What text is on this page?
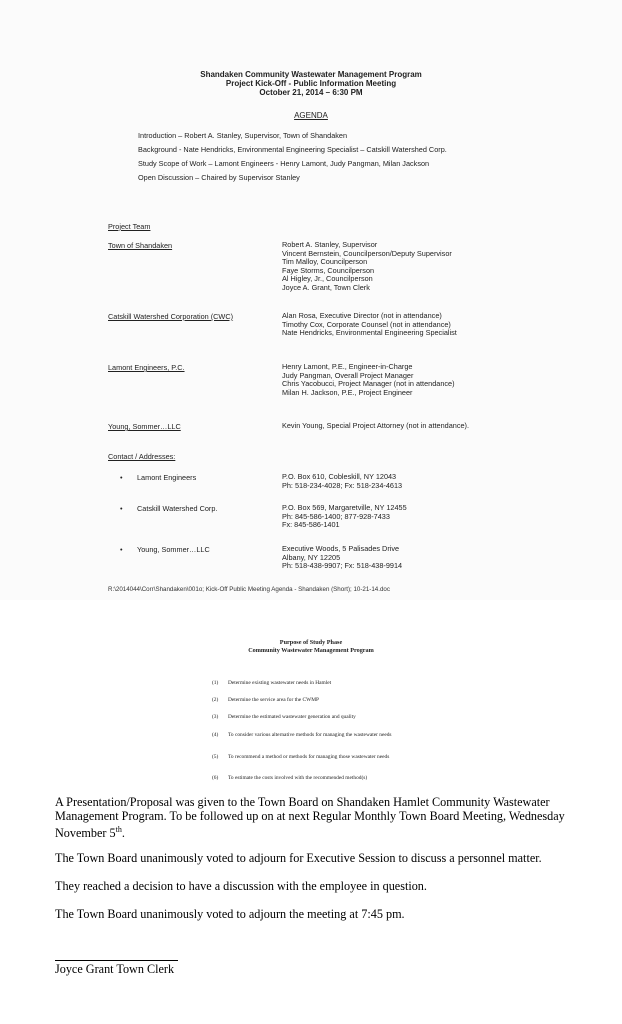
Shandaken Community Wastewater Management Program
Project Kick-Off - Public Information Meeting
October 21, 2014 – 6:30 PM
AGENDA
Introduction – Robert A. Stanley, Supervisor, Town of Shandaken
Background - Nate Hendricks, Environmental Engineering Specialist – Catskill Watershed Corp.
Study Scope of Work – Lamont Engineers - Henry Lamont, Judy Pangman, Milan Jackson
Open Discussion – Chaired by Supervisor Stanley
Project Team
Town of Shandaken	Robert A. Stanley, Supervisor
Vincent Bernstein, Councilperson/Deputy Supervisor
Tim Malloy, Councilperson
Faye Storms, Councilperson
Al Higley, Jr., Councilperson
Joyce A. Grant, Town Clerk
Catskill Watershed Corporation (CWC)	Alan Rosa, Executive Director (not in attendance)
Timothy Cox, Corporate Counsel (not in attendance)
Nate Hendricks, Environmental Engineering Specialist
Lamont Engineers, P.C.	Henry Lamont, P.E., Engineer-in-Charge
Judy Pangman, Overall Project Manager
Chris Yacobucci, Project Manager (not in attendance)
Milan H. Jackson, P.E., Project Engineer
Young, Sommer…LLC	Kevin Young, Special Project Attorney (not in attendance).
Contact / Addresses:
• Lamont Engineers	P.O. Box 610, Cobleskill, NY 12043
Ph: 518-234-4028; Fx: 518-234-4613
• Catskill Watershed Corp.	P.O. Box 569, Margaretville, NY 12455
Ph: 845-586-1400; 877-928-7433
Fx: 845-586-1401
• Young, Sommer…LLC	Executive Woods, 5 Palisades Drive
Albany, NY 12205
Ph: 518-438-9907; Fx: 518-438-9914
R:\2014044\Corr\Shandaken\001o; Kick-Off Public Meeting Agenda - Shandaken (Short); 10-21-14.doc
Purpose of Study Phase
Community Wastewater Management Program
(1) Determine existing wastewater needs in Hamlet
(2) Determine the service area for the CWMP
(3) Determine the estimated wastewater generation and quality
(4) To consider various alternative methods for managing the wastewater needs
(5) To recommend a method or methods for managing those wastewater needs
(6) To estimate the costs involved with the recommended method(s)
A Presentation/Proposal was given to the Town Board on Shandaken Hamlet Community Wastewater Management Program. To be followed up on at next Regular Monthly Town Board Meeting, Wednesday November 5th.
The Town Board unanimously voted to adjourn for Executive Session to discuss a personnel matter.
They reached a decision to have a discussion with the employee in question.
The Town Board unanimously voted to adjourn the meeting at 7:45 pm.
Joyce Grant Town Clerk
